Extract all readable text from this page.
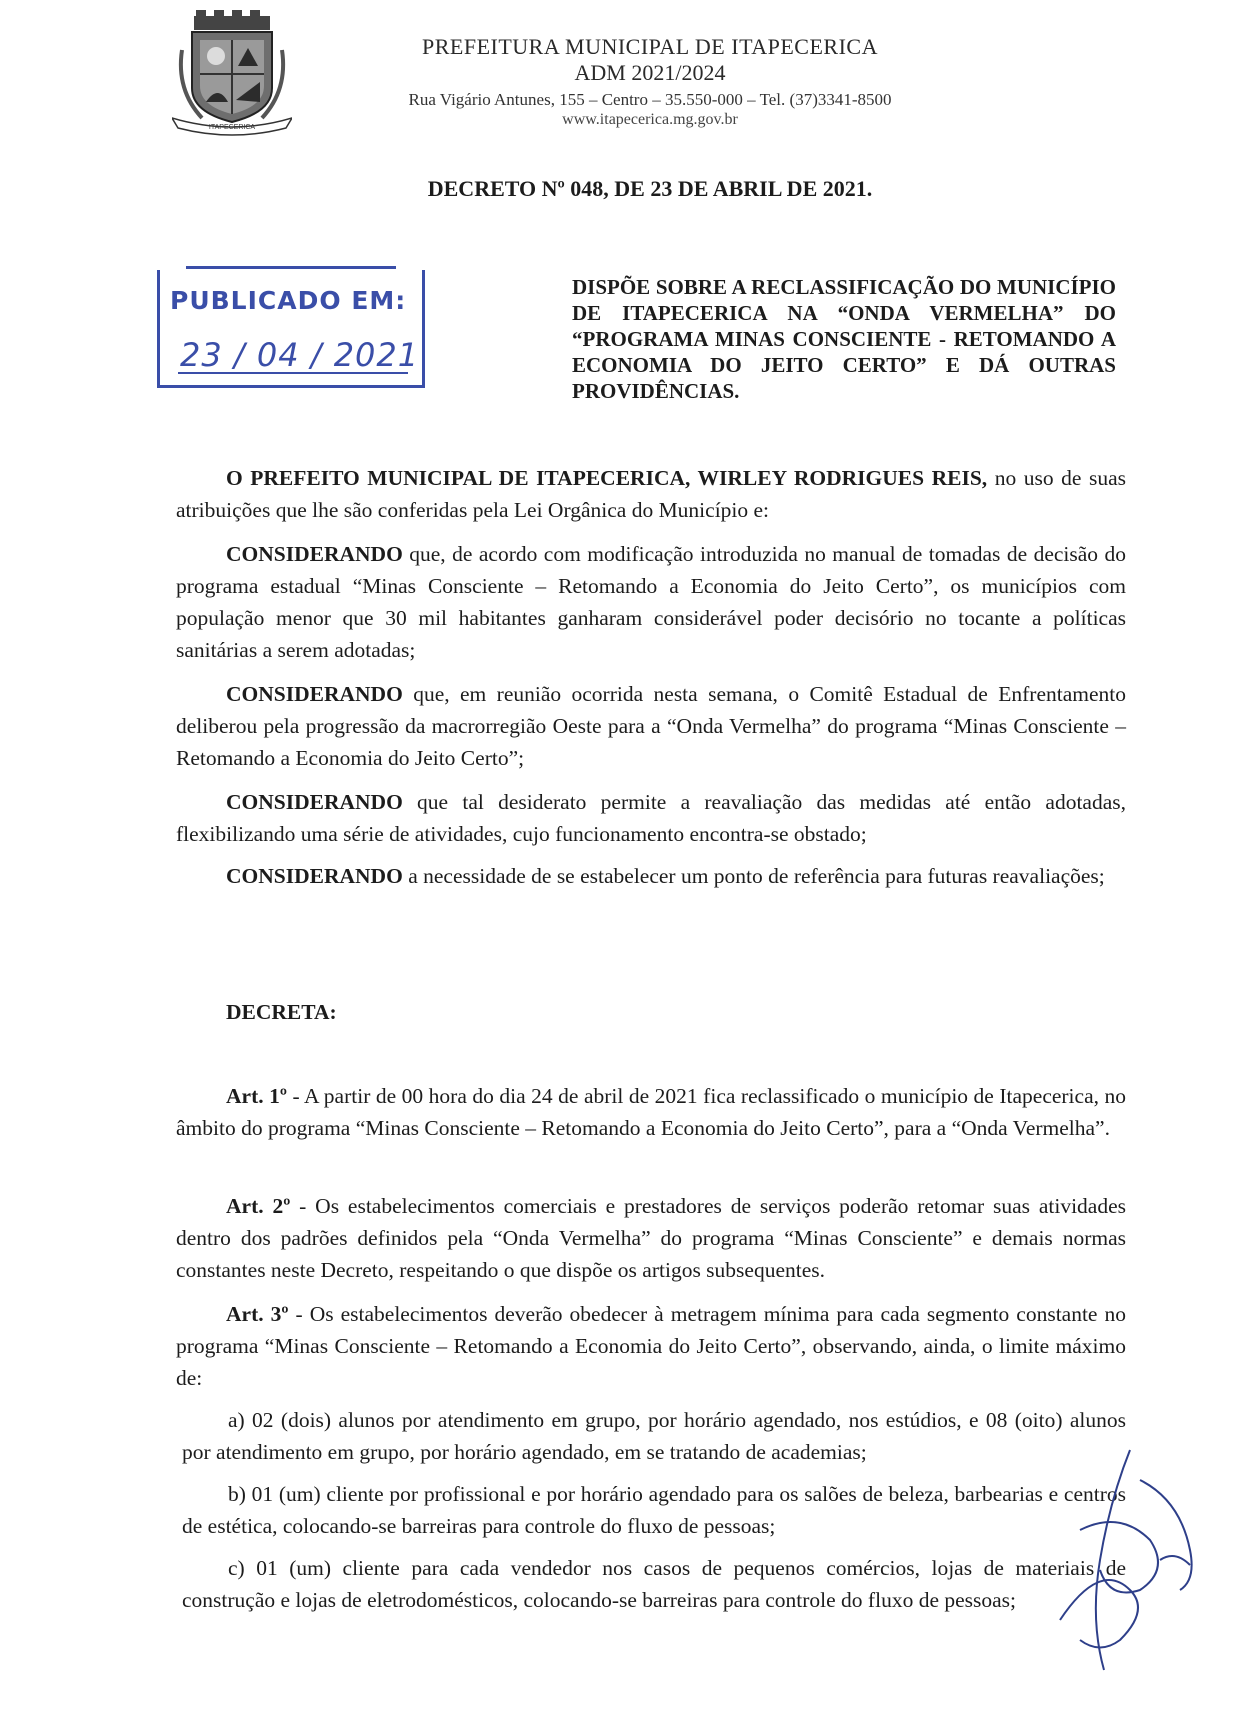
ITAPECERICA
PREFEITURA MUNICIPAL DE ITAPECERICA
ADM 2021/2024
Rua Vigário Antunes, 155 – Centro – 35.550-000 – Tel. (37)3341-8500
www.itapecerica.mg.gov.br
DECRETO Nº 048, DE 23 DE ABRIL DE 2021.
PUBLICADO EM:
23 / 04 / 2021
DISPÕE SOBRE A RECLASSIFICAÇÃO DO MUNICÍPIO DE ITAPECERICA NA “ONDA VERMELHA” DO “PROGRAMA MINAS CONSCIENTE - RETOMANDO A ECONOMIA DO JEITO CERTO” E DÁ OUTRAS PROVIDÊNCIAS.
O PREFEITO MUNICIPAL DE ITAPECERICA, WIRLEY RODRIGUES REIS, no uso de suas atribuições que lhe são conferidas pela Lei Orgânica do Município e:
CONSIDERANDO que, de acordo com modificação introduzida no manual de tomadas de decisão do programa estadual “Minas Consciente – Retomando a Economia do Jeito Certo”, os municípios com população menor que 30 mil habitantes ganharam considerável poder decisório no tocante a políticas sanitárias a serem adotadas;
CONSIDERANDO que, em reunião ocorrida nesta semana, o Comitê Estadual de Enfrentamento deliberou pela progressão da macrorregião Oeste para a “Onda Vermelha” do programa “Minas Consciente – Retomando a Economia do Jeito Certo”;
CONSIDERANDO que tal desiderato permite a reavaliação das medidas até então adotadas, flexibilizando uma série de atividades, cujo funcionamento encontra-se obstado;
CONSIDERANDO a necessidade de se estabelecer um ponto de referência para futuras reavaliações;
DECRETA:
Art. 1º - A partir de 00 hora do dia 24 de abril de 2021 fica reclassificado o município de Itapecerica, no âmbito do programa “Minas Consciente – Retomando a Economia do Jeito Certo”, para a “Onda Vermelha”.
Art. 2º - Os estabelecimentos comerciais e prestadores de serviços poderão retomar suas atividades dentro dos padrões definidos pela “Onda Vermelha” do programa “Minas Consciente” e demais normas constantes neste Decreto, respeitando o que dispõe os artigos subsequentes.
Art. 3º - Os estabelecimentos deverão obedecer à metragem mínima para cada segmento constante no programa “Minas Consciente – Retomando a Economia do Jeito Certo”, observando, ainda, o limite máximo de:
a) 02 (dois) alunos por atendimento em grupo, por horário agendado, nos estúdios, e 08 (oito) alunos por atendimento em grupo, por horário agendado, em se tratando de academias;
b) 01 (um) cliente por profissional e por horário agendado para os salões de beleza, barbearias e centros de estética, colocando-se barreiras para controle do fluxo de pessoas;
c) 01 (um) cliente para cada vendedor nos casos de pequenos comércios, lojas de materiais de construção e lojas de eletrodomésticos, colocando-se barreiras para controle do fluxo de pessoas;
